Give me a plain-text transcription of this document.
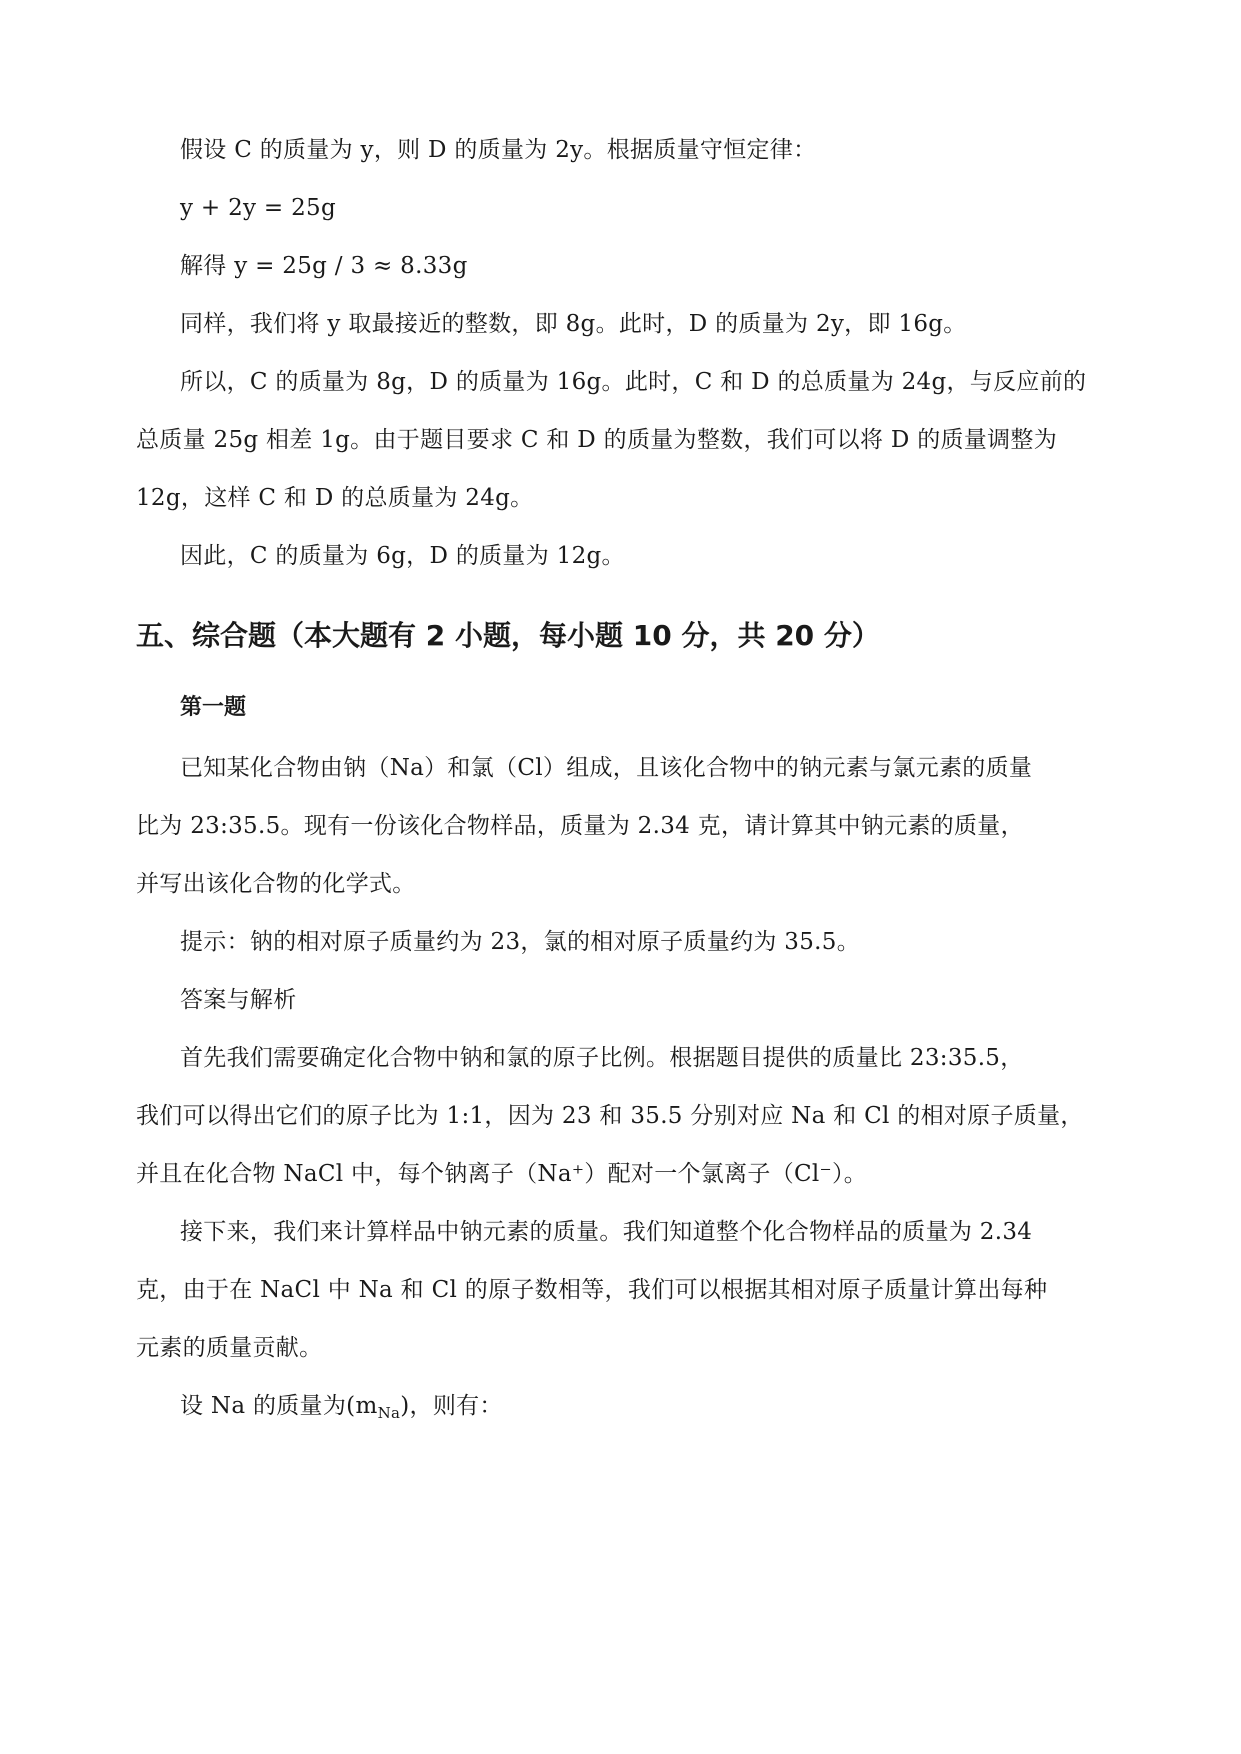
假设 C 的质量为 y，则 D 的质量为 2y。根据质量守恒定律：
y + 2y = 25g
解得 y = 25g / 3 ≈ 8.33g
同样，我们将 y 取最接近的整数，即 8g。此时，D 的质量为 2y，即 16g。
所以，C 的质量为 8g，D 的质量为 16g。此时，C 和 D 的总质量为 24g，与反应前的
总质量 25g 相差 1g。由于题目要求 C 和 D 的质量为整数，我们可以将 D 的质量调整为
12g，这样 C 和 D 的总质量为 24g。
因此，C 的质量为 6g，D 的质量为 12g。
五、综合题（本大题有 2 小题，每小题 10 分，共 20 分）
第一题
已知某化合物由钠（Na）和氯（Cl）组成，且该化合物中的钠元素与氯元素的质量
比为 23:35.5。现有一份该化合物样品，质量为 2.34 克，请计算其中钠元素的质量，
并写出该化合物的化学式。
提示：钠的相对原子质量约为 23，氯的相对原子质量约为 35.5。
答案与解析
首先我们需要确定化合物中钠和氯的原子比例。根据题目提供的质量比 23:35.5，
我们可以得出它们的原子比为 1:1，因为 23 和 35.5 分别对应 Na 和 Cl 的相对原子质量，
并且在化合物 NaCl 中，每个钠离子（Na⁺）配对一个氯离子（Cl⁻）。
接下来，我们来计算样品中钠元素的质量。我们知道整个化合物样品的质量为 2.34
克，由于在 NaCl 中 Na 和 Cl 的原子数相等，我们可以根据其相对原子质量计算出每种
元素的质量贡献。
设 Na 的质量为$(m_{Na})$，则有：
